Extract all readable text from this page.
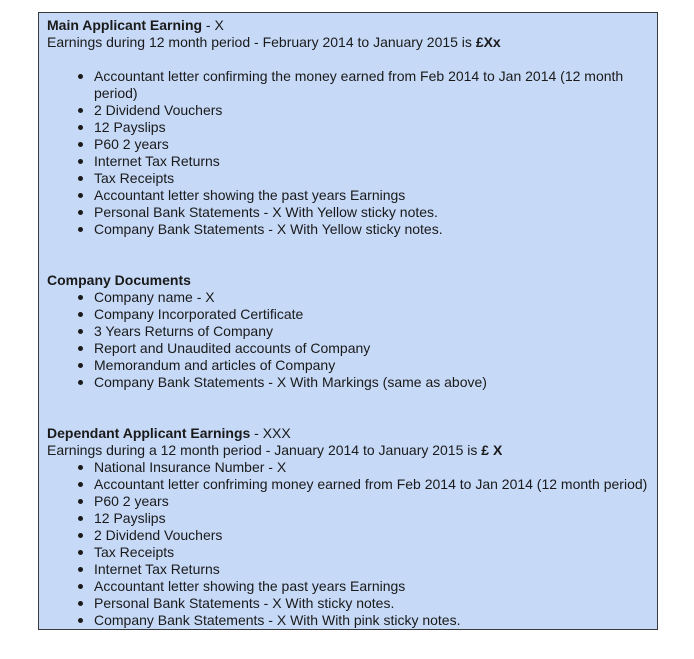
Main Applicant Earning - X
Earnings during 12 month period - February 2014 to January 2015 is £Xx
Accountant letter confirming the money earned from Feb 2014 to Jan 2014 (12 month period)
2 Dividend Vouchers
12 Payslips
P60 2 years
Internet Tax Returns
Tax Receipts
Accountant letter showing the past years Earnings
Personal Bank Statements - X With Yellow sticky notes.
Company Bank Statements - X With Yellow sticky notes.
Company Documents
Company name - X
Company Incorporated Certificate
3 Years Returns of Company
Report and Unaudited accounts of Company
Memorandum and articles of Company
Company Bank Statements - X With Markings (same as above)
Dependant Applicant Earnings - XXX
Earnings during a 12 month period - January 2014 to January 2015 is £ X
National Insurance Number - X
Accountant letter confriming money earned from Feb 2014 to Jan 2014 (12 month period)
P60 2 years
12 Payslips
2 Dividend Vouchers
Tax Receipts
Internet Tax Returns
Accountant letter showing the past years Earnings
Personal Bank Statements - X With sticky notes.
Company Bank Statements - X With With pink sticky notes.
